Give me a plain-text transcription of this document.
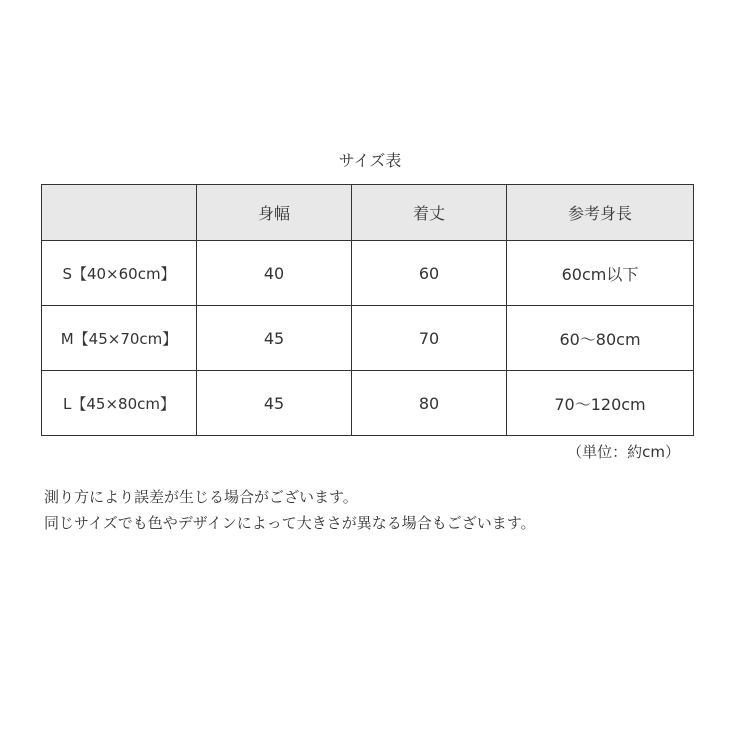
サイズ表
	身幅	着丈	参考身長
S【40×60cm】	40	60	60cm以下
M【45×70cm】	45	70	60〜80cm
L【45×80cm】	45	80	70〜120cm
（単位：約cm）

測り方により誤差が生じる場合がございます。

同じサイズでも色やデザインによって大きさが異なる場合もございます。
